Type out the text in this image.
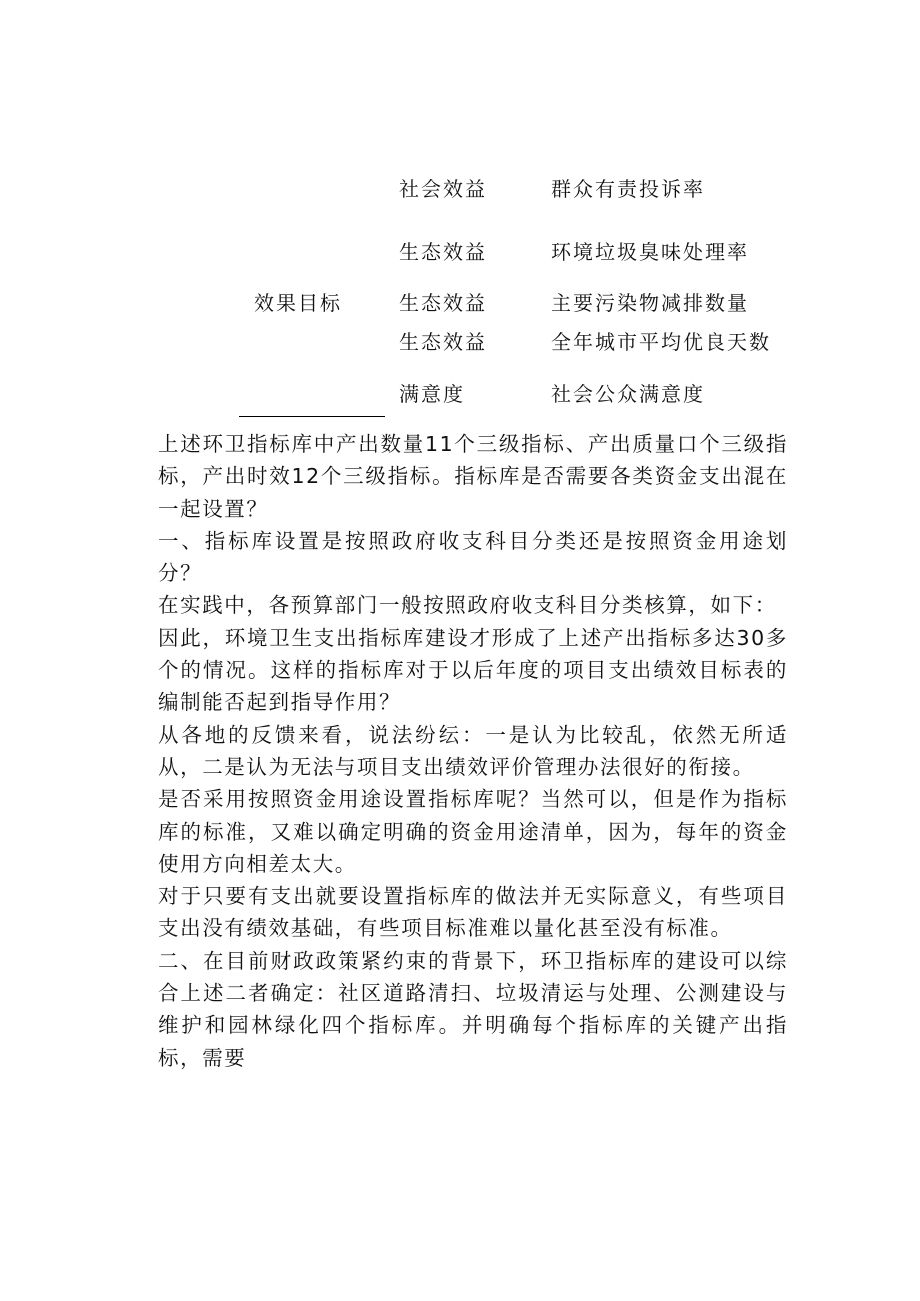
效果目标
社会效益	群众有责投诉率
生态效益	环境垃圾臭味处理率
生态效益	主要污染物减排数量
生态效益	全年城市平均优良天数
满意度	社会公众满意度

上述环卫指标库中产出数量11个三级指标、产出质量口个三级指标，产出时效12个三级指标。指标库是否需要各类资金支出混在一起设置？

一、指标库设置是按照政府收支科目分类还是按照资金用途划分？

在实践中，各预算部门一般按照政府收支科目分类核算，如下：

因此，环境卫生支出指标库建设才形成了上述产出指标多达30多个的情况。这样的指标库对于以后年度的项目支出绩效目标表的编制能否起到指导作用？

从各地的反馈来看，说法纷纭：一是认为比较乱，依然无所适从，二是认为无法与项目支出绩效评价管理办法很好的衔接。

是否采用按照资金用途设置指标库呢？当然可以，但是作为指标库的标准，又难以确定明确的资金用途清单，因为，每年的资金使用方向相差太大。

对于只要有支出就要设置指标库的做法并无实际意义，有些项目支出没有绩效基础，有些项目标准难以量化甚至没有标准。

二、在目前财政政策紧约束的背景下，环卫指标库的建设可以综合上述二者确定：社区道路清扫、垃圾清运与处理、公测建设与维护和园林绿化四个指标库。并明确每个指标库的关键产出指标，需要
